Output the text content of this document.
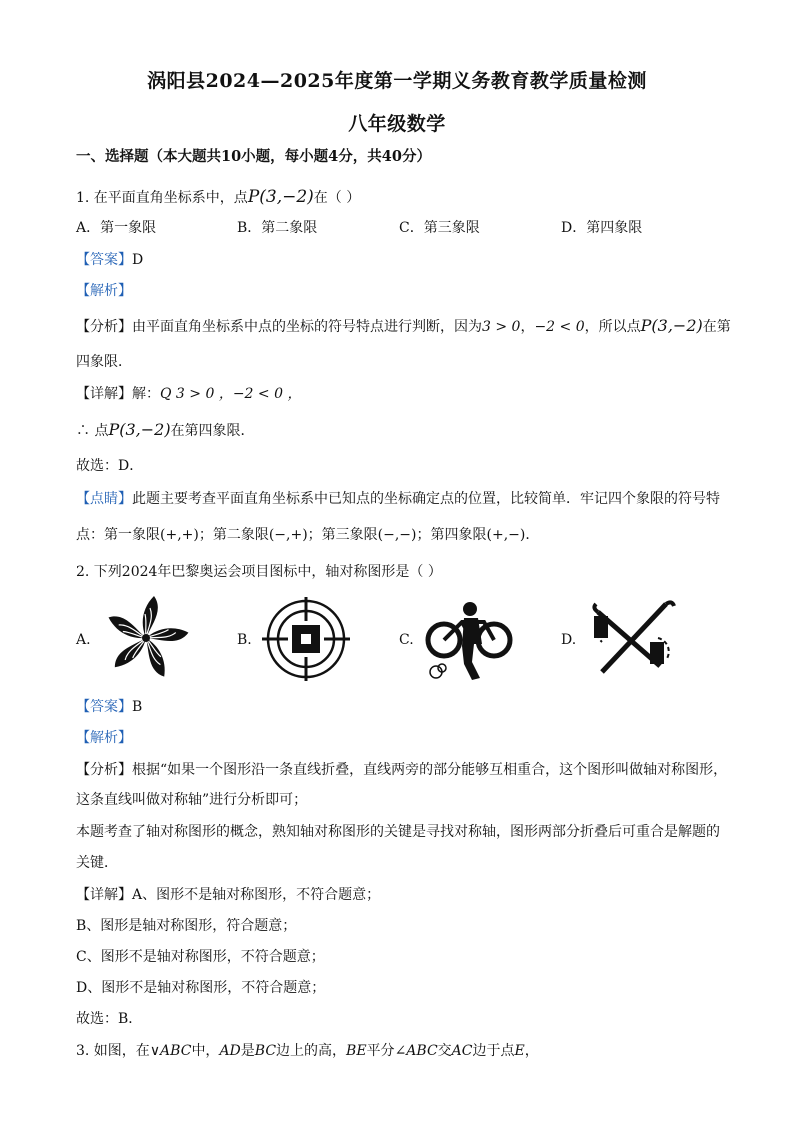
涡阳县2024—2025年度第一学期义务教育教学质量检测
八年级数学
一、选择题（本大题共10小题，每小题4分，共40分）
1. 在平面直角坐标系中，点P(3,−2)在（ ）
A．第一象限	B．第二象限	C．第三象限	D．第四象限
【答案】D
【解析】
【分析】由平面直角坐标系中点的坐标的符号特点进行判断，因为3 > 0，−2 < 0，所以点P(3,−2)在第
四象限．
【详解】解：Q 3 > 0 ，−2 < 0 ，
∴ 点P(3,−2)在第四象限．
故选：D．
【点睛】此题主要考查平面直角坐标系中已知点的坐标确定点的位置，比较简单．牢记四个象限的符号特
点：第一象限(+,+)；第二象限(−,+)；第三象限(−,−)；第四象限(+,−)．
2. 下列2024年巴黎奥运会项目图标中，轴对称图形是（ ）
A.	B.	C.	D.
【答案】B
【解析】
【分析】根据“如果一个图形沿一条直线折叠，直线两旁的部分能够互相重合，这个图形叫做轴对称图形，
这条直线叫做对称轴”进行分析即可；
本题考查了轴对称图形的概念，熟知轴对称图形的关键是寻找对称轴，图形两部分折叠后可重合是解题的
关键．
【详解】A、图形不是轴对称图形，不符合题意；
B、图形是轴对称图形，符合题意；
C、图形不是轴对称图形，不符合题意；
D、图形不是轴对称图形，不符合题意；
故选：B．
3. 如图，在∨ABC中，AD是BC边上的高，BE平分∠ABC交AC边于点E，
